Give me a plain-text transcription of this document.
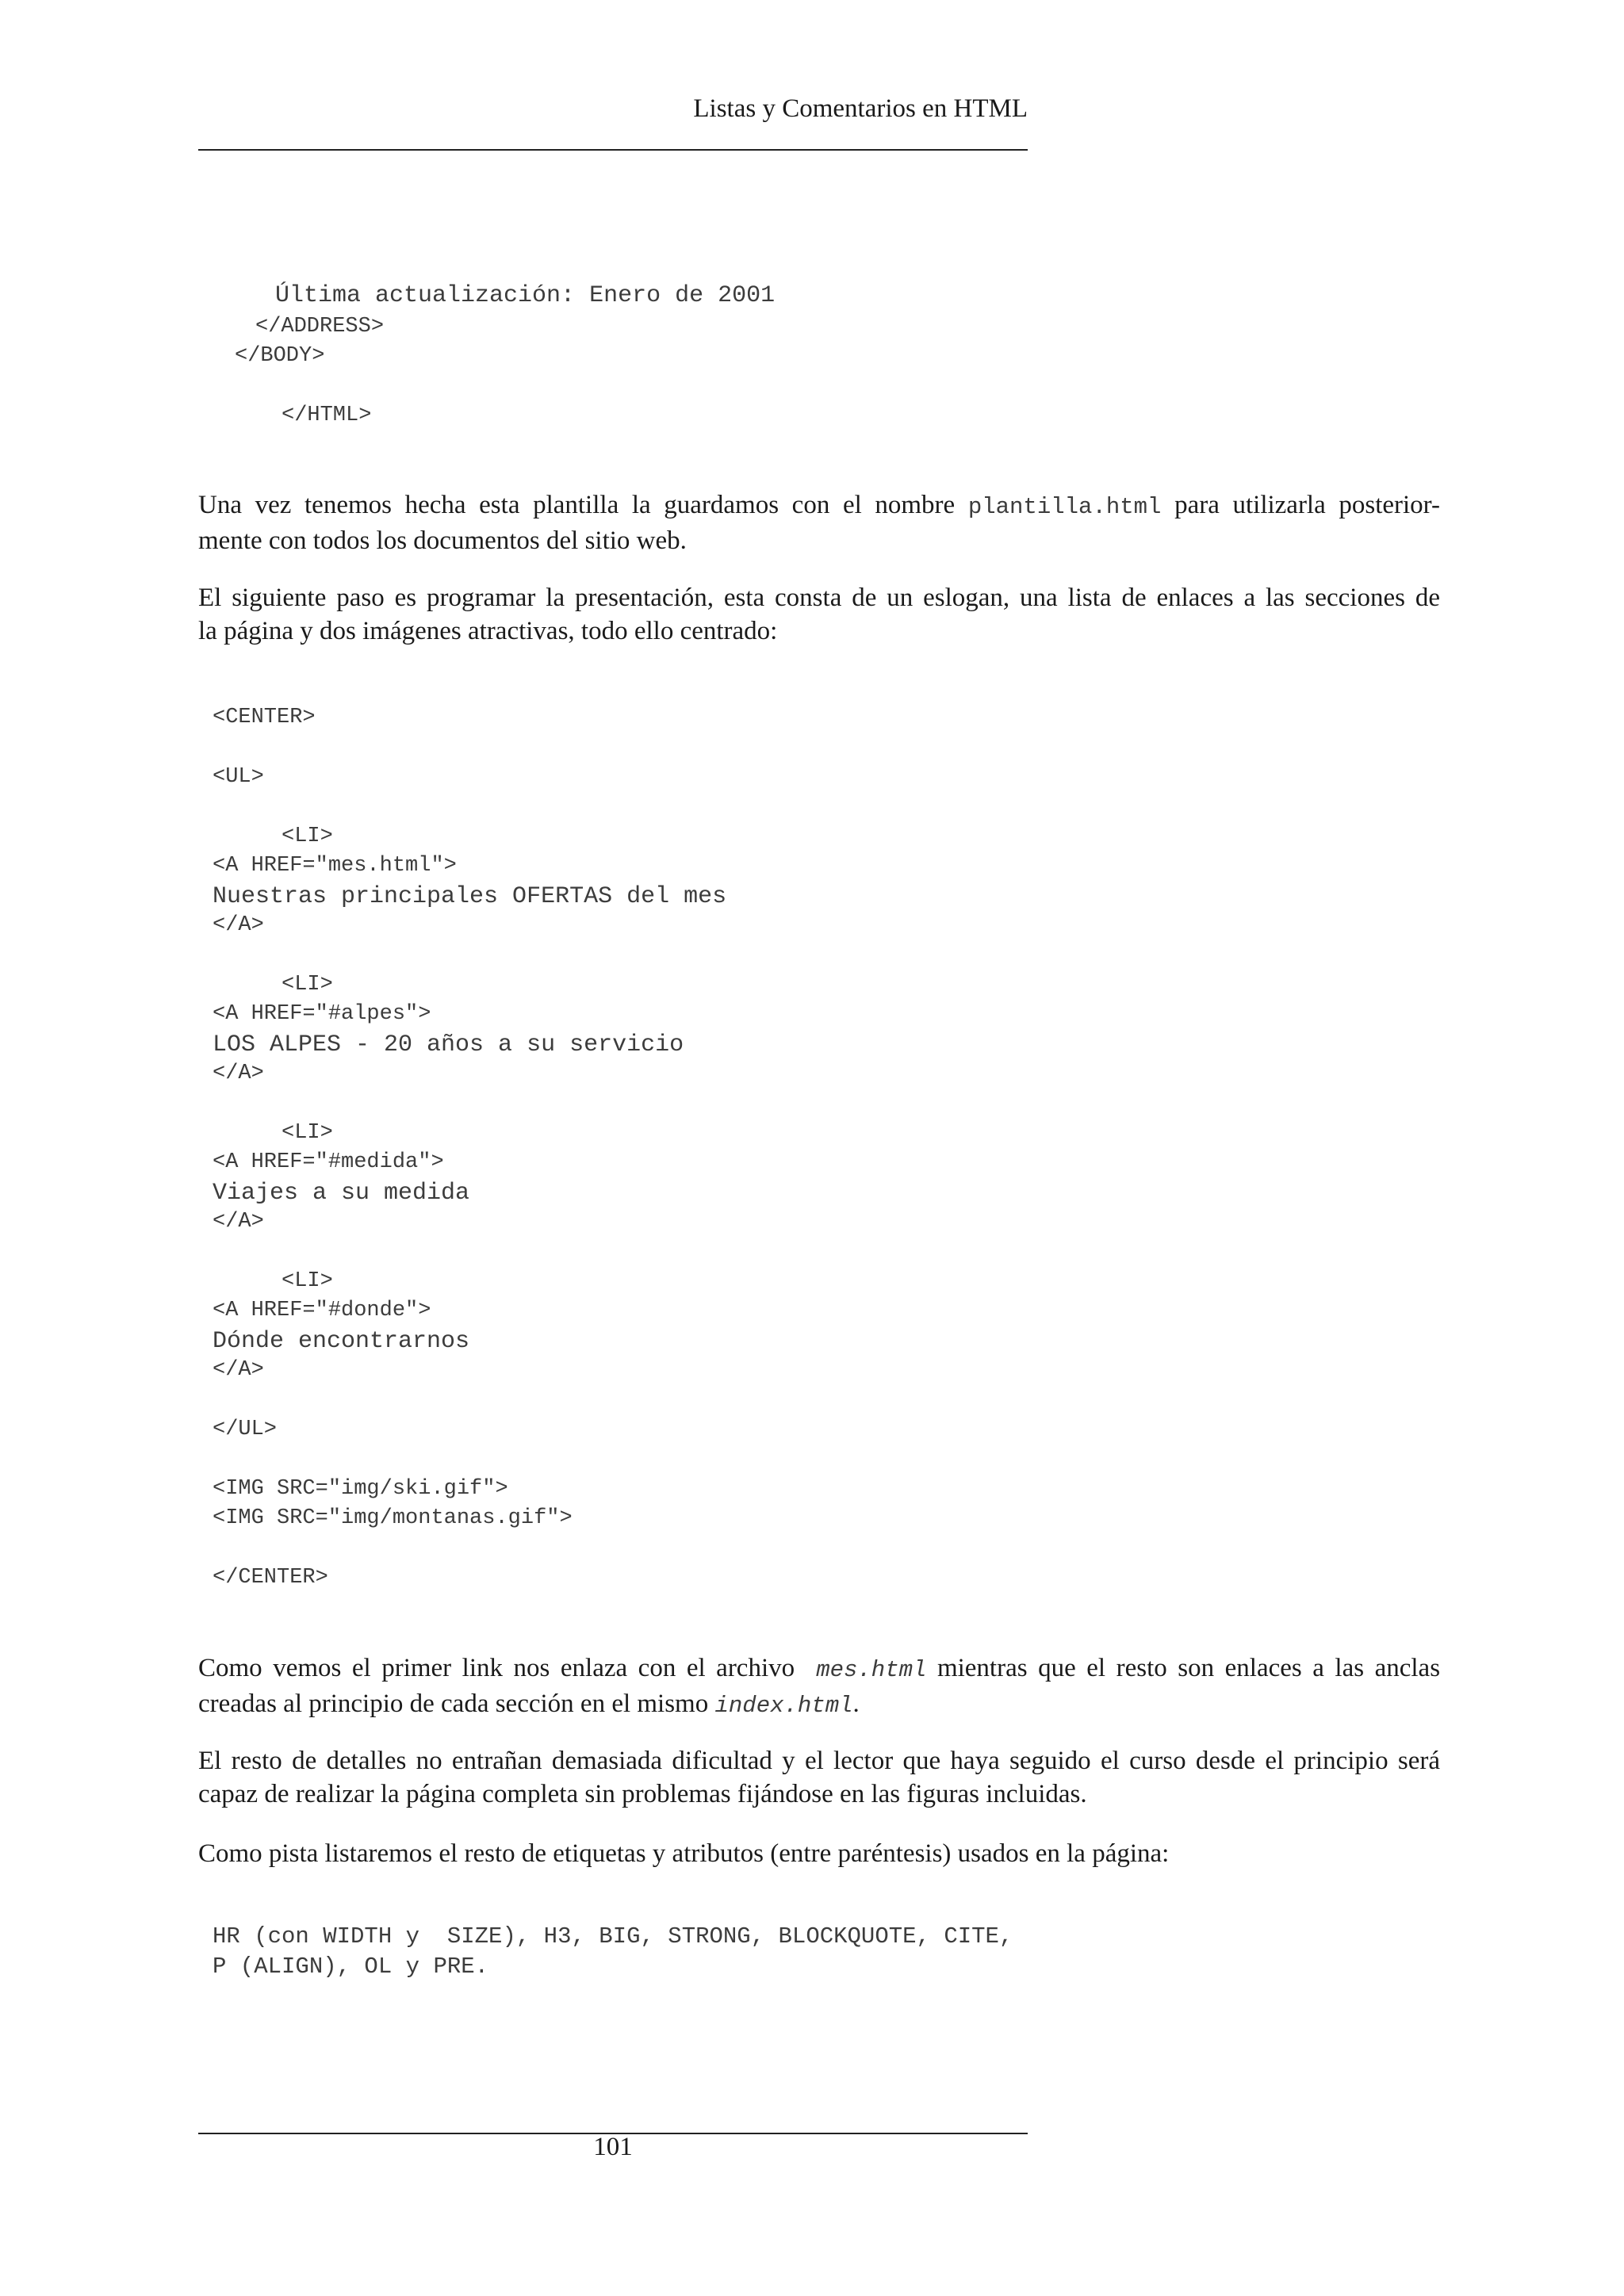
Listas y Comentarios en HTML
Última actualización: Enero de 2001
</ADDRESS>
</BODY>
</HTML>
Una vez tenemos hecha esta plantilla la guardamos con el nombre plantilla.html para utilizarla posterior-
mente con todos los documentos del sitio web.
El siguiente paso es programar la presentación, esta consta de un eslogan, una lista de enlaces a las secciones de
la página y dos imágenes atractivas, todo ello centrado:
<CENTER>
<UL>
<LI>
<A HREF="mes.html">
Nuestras principales OFERTAS del mes
</A>
<LI>
<A HREF="#alpes">
LOS ALPES - 20 años a su servicio
</A>
<LI>
<A HREF="#medida">
Viajes a su medida
</A>
<LI>
<A HREF="#donde">
Dónde encontrarnos
</A>
</UL>
<IMG SRC="img/ski.gif">
<IMG SRC="img/montanas.gif">
</CENTER>
Como vemos el primer link nos enlaza con el archivo mes.html mientras que el resto son enlaces a las anclas
creadas al principio de cada sección en el mismo index.html.
El resto de detalles no entrañan demasiada dificultad y el lector que haya seguido el curso desde el principio será
capaz de realizar la página completa sin problemas fijándose en las figuras incluidas.
Como pista listaremos el resto de etiquetas y atributos (entre paréntesis) usados en la página:
HR (con WIDTH y  SIZE), H3, BIG, STRONG, BLOCKQUOTE, CITE,
P (ALIGN), OL y PRE.
101
